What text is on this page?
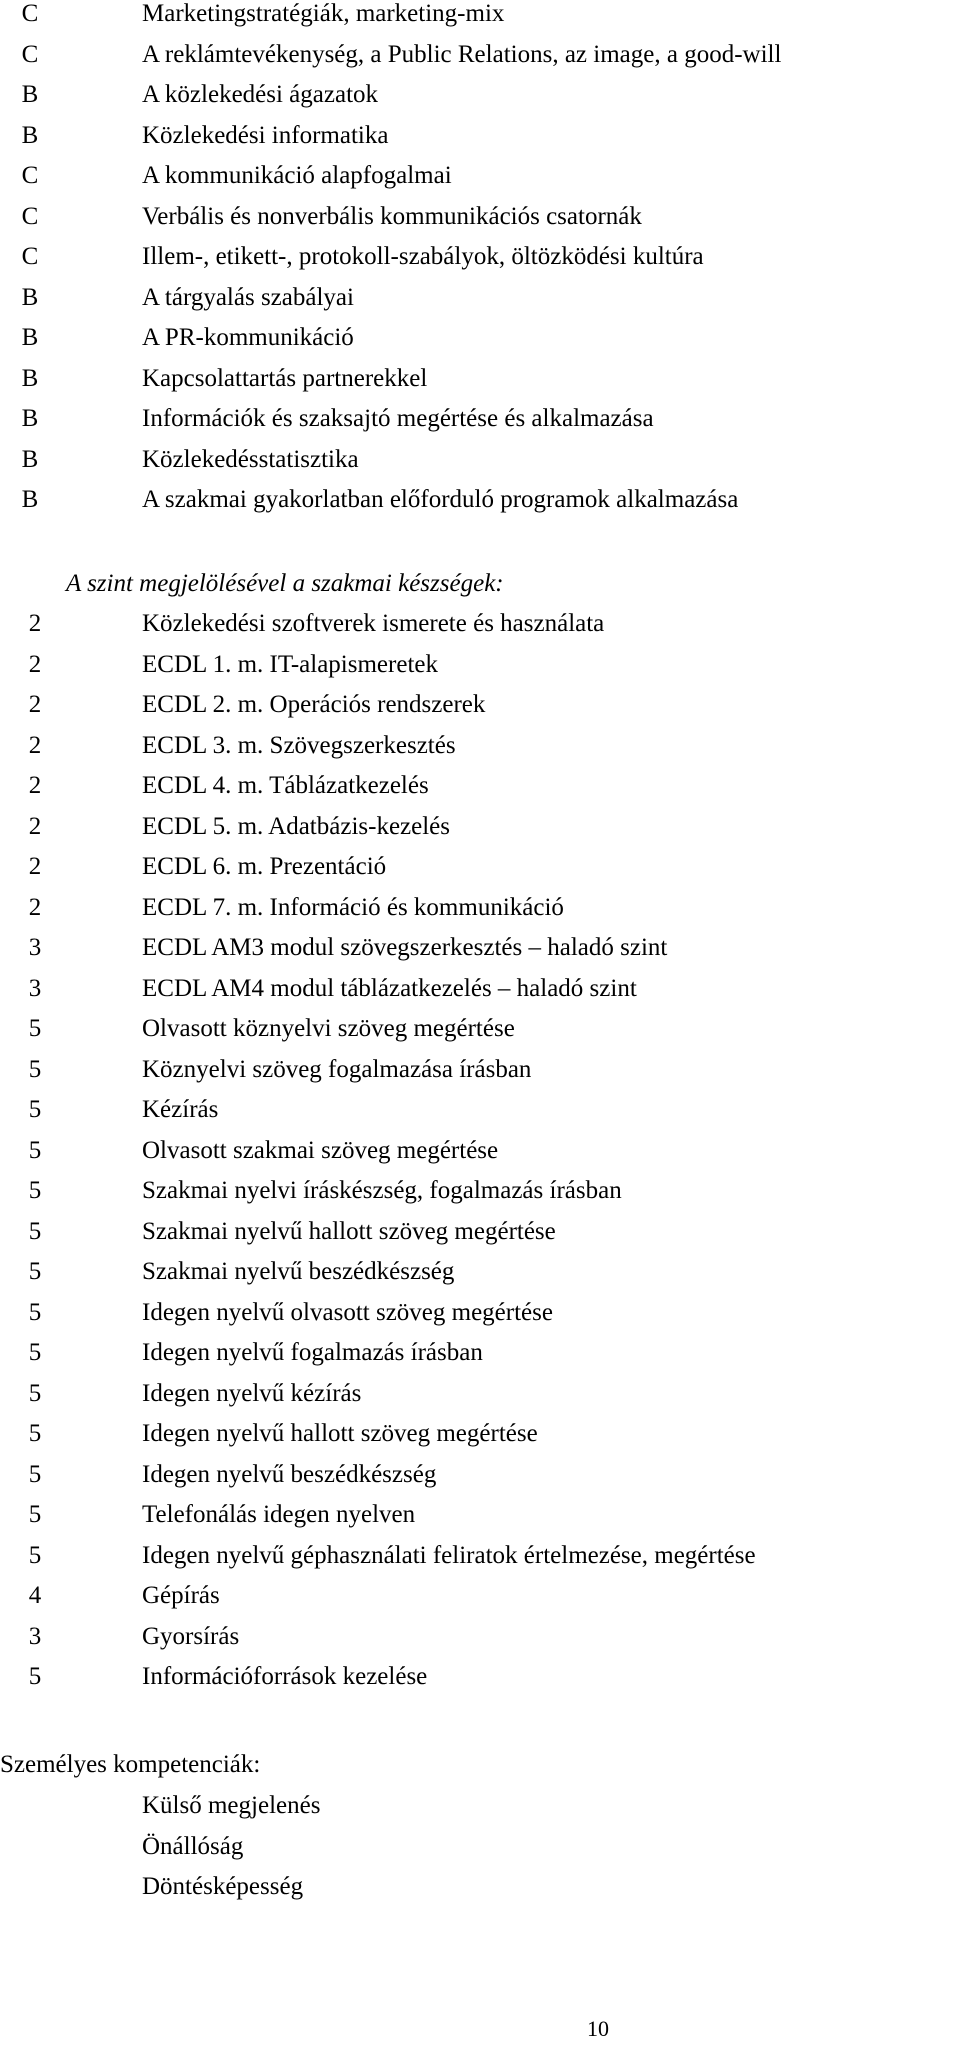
C	Marketingstratégiák, marketing-mix
C	A reklámtevékenység, a Public Relations, az image, a good-will
B	A közlekedési ágazatok
B	Közlekedési informatika
C	A kommunikáció alapfogalmai
C	Verbális és nonverbális kommunikációs csatornák
C	Illem-, etikett-, protokoll-szabályok, öltözködési kultúra
B	A tárgyalás szabályai
B	A PR-kommunikáció
B	Kapcsolattartás partnerekkel
B	Információk és szaksajtó megértése és alkalmazása
B	Közlekedésstatisztika
B	A szakmai gyakorlatban előforduló programok alkalmazása
2	Közlekedési szoftverek ismerete és használata
2	ECDL 1. m. IT-alapismeretek
2	ECDL 2. m. Operációs rendszerek
2	ECDL 3. m. Szövegszerkesztés
2	ECDL 4. m. Táblázatkezelés
2	ECDL 5. m. Adatbázis-kezelés
2	ECDL 6. m. Prezentáció
2	ECDL 7. m. Információ és kommunikáció
3	ECDL AM3 modul szövegszerkesztés – haladó szint
3	ECDL AM4 modul táblázatkezelés – haladó szint
5	Olvasott köznyelvi szöveg megértése
5	Köznyelvi szöveg fogalmazása írásban
5	Kézírás
5	Olvasott szakmai szöveg megértése
5	Szakmai nyelvi íráskészség, fogalmazás írásban
5	Szakmai nyelvű hallott szöveg megértése
5	Szakmai nyelvű beszédkészség
5	Idegen nyelvű olvasott szöveg megértése
5	Idegen nyelvű fogalmazás írásban
5	Idegen nyelvű kézírás
5	Idegen nyelvű hallott szöveg megértése
5	Idegen nyelvű beszédkészség
5	Telefonálás idegen nyelven
5	Idegen nyelvű géphasználati feliratok értelmezése, megértése
4	Gépírás
3	Gyorsírás
5	Információforrások kezelése
Külső megjelenés
Önállóság
Döntésképesség
A szint megjelölésével a szakmai készségek:
Személyes kompetenciák:
10
